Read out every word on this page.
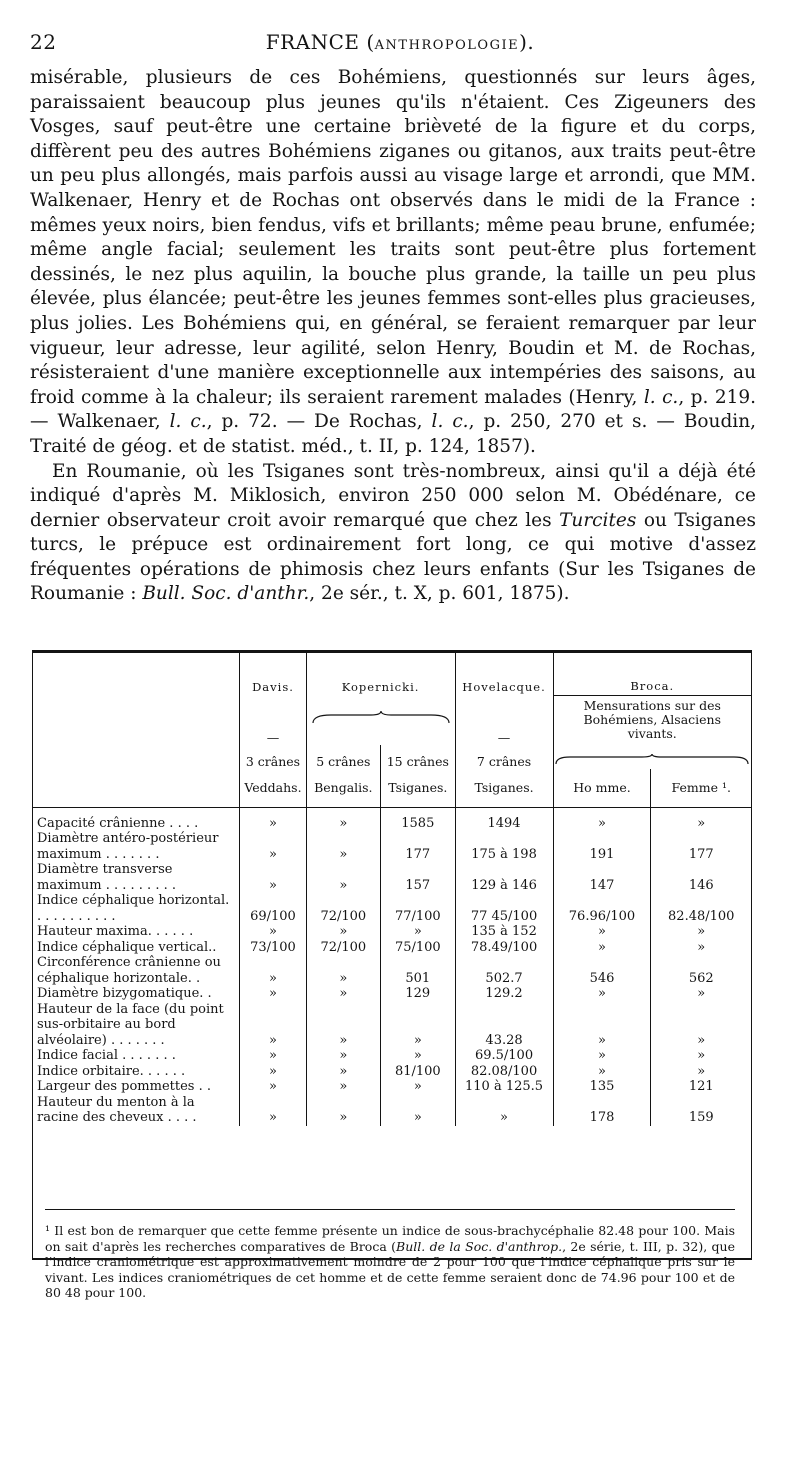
22	FRANCE (ANTHROPOLOGIE).

misérable, plusieurs de ces Bohémiens, questionnés sur leurs âges, paraissaient beaucoup plus jeunes qu'ils n'étaient. Ces Zigeuners des Vosges, sauf peut-être une certaine brièveté de la figure et du corps, diffèrent peu des autres Bohémiens ziganes ou gitanos, aux traits peut-être un peu plus allongés, mais parfois aussi au visage large et arrondi, que MM. Walkenaer, Henry et de Rochas ont observés dans le midi de la France : mêmes yeux noirs, bien fendus, vifs et brillants; même peau brune, enfumée; même angle facial; seulement les traits sont peut-être plus fortement dessinés, le nez plus aquilin, la bouche plus grande, la taille un peu plus élevée, plus élancée; peut-être les jeunes femmes sont-elles plus gracieuses, plus jolies. Les Bohémiens qui, en général, se feraient remarquer par leur vigueur, leur adresse, leur agilité, selon Henry, Boudin et M. de Rochas, résisteraient d'une manière exceptionnelle aux intempéries des saisons, au froid comme à la chaleur; ils seraient rarement malades (Henry, l. c., p. 219. — Walkenaer, l. c., p. 72. — De Rochas, l. c., p. 250, 270 et s. — Boudin, Traité de géog. et de statist. méd., t. II, p. 124, 1857).

En Roumanie, où les Tsiganes sont très-nombreux, ainsi qu'il a déjà été indiqué d'après M. Miklosich, environ 250 000 selon M. Obédénare, ce dernier observateur croit avoir remarqué que chez les Turcites ou Tsiganes turcs, le prépuce est ordinairement fort long, ce qui motive d'assez fréquentes opérations de phimosis chez leurs enfants (Sur les Tsiganes de Roumanie : Bull. Soc. d'anthr., 2e sér., t. X, p. 601, 1875).

	Davis.	Kopernicki.		Hovelacque.	Broca.	
	—			—	Mensurations sur des Bohémiens, Alsaciens vivants.	
	3 crânes	5 crânes	15 crânes	7 crânes	
	Veddahs.	Bengalis.	Tsiganes.	Tsiganes.	Ho mme.	Femme ¹.
Capacité crânienne . . . .	»	»	1585	1494	»	»
Diamètre antéro-postérieur maximum . . . . . . .	»	»	177	175 à 198	191	177
Diamètre transverse maximum . . . . . . . . .	»	»	157	129 à 146	147	146
Indice céphalique horizontal. . . . . . . . . . .	69/100	72/100	77/100	77 45/100	76.96/100	82.48/100
Hauteur maxima. . . . . .	»	»	»	135 à 152	»	»
Indice céphalique vertical..	73/100	72/100	75/100	78.49/100	»	»
Circonférence crânienne ou céphalique horizontale. .	»	»	501	502.7	546	562
Diamètre bizygomatique. .	»	»	129	129.2	»	»
Hauteur de la face (du point sus-orbitaire au bord alvéolaire) . . . . . . .	»	»	»	43.28	»	»
Indice facial . . . . . . .	»	»	»	69.5/100	»	»
Indice orbitaire. . . . . .	»	»	81/100	82.08/100	»	»
Largeur des pommettes . .	»	»	»	110 à 125.5	135	121
Hauteur du menton à la racine des cheveux . . . .	»	»	»	»	178	159
¹ Il est bon de remarquer que cette femme présente un indice de sous-brachycéphalie 82.48 pour 100. Mais on sait d'après les recherches comparatives de Broca (Bull. de la Soc. d'anthrop., 2e série, t. III, p. 32), que l'indice craniométrique est approximativement moindre de 2 pour 100 que l'indice céphalique pris sur le vivant. Les indices craniométriques de cet homme et de cette femme seraient donc de 74.96 pour 100 et de 80 48 pour 100.
